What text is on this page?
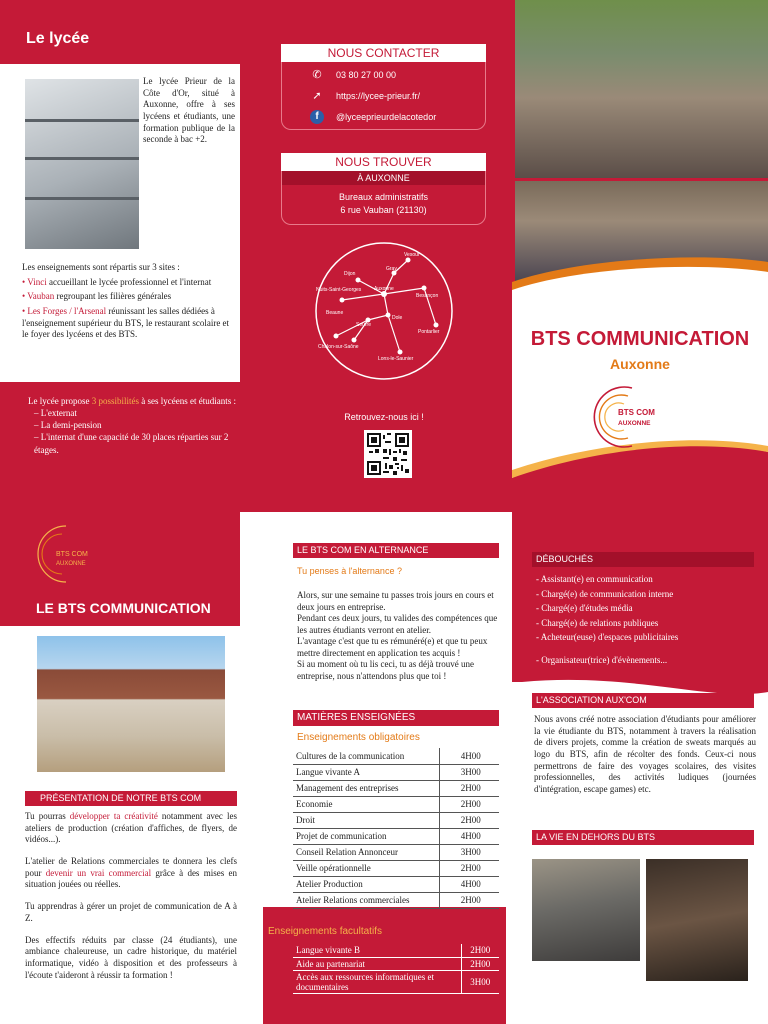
Le lycée

Le lycée Prieur de la Côte d'Or, situé à Auxonne, offre à ses lycéens et étudiants, une formation publique de la seconde à bac +2.

Les enseignements sont répartis sur 3 sites :

• Vinci accueillant le lycée professionnel et l'internat

• Vauban regroupant les filières générales

• Les Forges / l'Arsenal réunissant les salles dédiées à l'enseignement supérieur du BTS, le restaurant scolaire et le foyer des lycéens et des BTS.

Le lycée propose 3 possibilités à ses lycéens et étudiants :

– L'externat
– La demi-pension
– L'internat d'une capacité de 30 places réparties sur 2 étages.
NOUS CONTACTER
✆	03 80 27 00 00
➚	https://lycee-prieur.fr/
f	@lyceeprieurdelacotedor
NOUS TROUVER
À AUXONNE
Bureaux administratifs
6 rue Vauban (21130)
Auxonne
Dijon
Gray
Vesoul
Besançon
Beaune
Nuits-Saint-Georges
Seurre
Dole
Pontarlier
Chalon-sur-Saône
Lons-le-Saunier

Retrouvez-nous ici !

BTS COMMUNICATION

Auxonne

BTS COM
AUXONNE
BTS COM
AUXONNE
LE BTS COMMUNICATION
PRÉSENTATION DE NOTRE BTS COM

Tu pourras développer ta créativité notamment avec les ateliers de production (création d'affiches, de flyers, de vidéos...).

L'atelier de Relations commerciales te donnera les clefs pour devenir un vrai commercial grâce à des mises en situation jouées ou réelles.

Tu apprendras à gérer un projet de communication de A à Z.

Des effectifs réduits par classe (24 étudiants), une ambiance chaleureuse, un cadre historique, du matériel informatique, vidéo à disposition et des professeurs à l'écoute t'aideront à réussir ta formation !

LE BTS COM EN ALTERNANCE

Tu penses à l'alternance ?

Alors, sur une semaine tu passes trois jours en cours et deux jours en entreprise.
Pendant ces deux jours, tu valides des compétences que les autres étudiants verront en atelier.
L'avantage c'est que tu es rémunéré(e) et que tu peux mettre directement en application tes acquis !
Si au moment où tu lis ceci, tu as déjà trouvé une entreprise, nous n'attendons plus que toi !
MATIÈRES ENSEIGNÉES

Enseignements obligatoires

Cultures de la communication	4H00
Langue vivante A	3H00
Management des entreprises	2H00
Economie	2H00
Droit	2H00
Projet de communication	4H00
Conseil Relation Annonceur	3H00
Veille opérationnelle	2H00
Atelier Production	4H00
Atelier Relations commerciales	2H00

Enseignements facultatifs

Langue vivante B	2H00
Aide au partenariat	2H00
Accès aux ressources informatiques et documentaires	3H00
DÉBOUCHÉS
- Assistant(e) en communication
- Chargé(e) de communication interne
- Chargé(e) d'études média
- Chargé(e) de relations publiques
- Acheteur(euse) d'espaces publicitaires
- Organisateur(trice) d'évènements...
L'ASSOCIATION AUX'COM

Nous avons créé notre association d'étudiants pour améliorer la vie étudiante du BTS, notamment à travers la réalisation de divers projets, comme la création de sweats marqués au logo du BTS, afin de récolter des fonds. Ceux-ci nous permettrons de faire des voyages scolaires, des visites professionnelles, des activités ludiques (journées d'intégration, escape games) etc.

LA VIE EN DEHORS DU BTS
